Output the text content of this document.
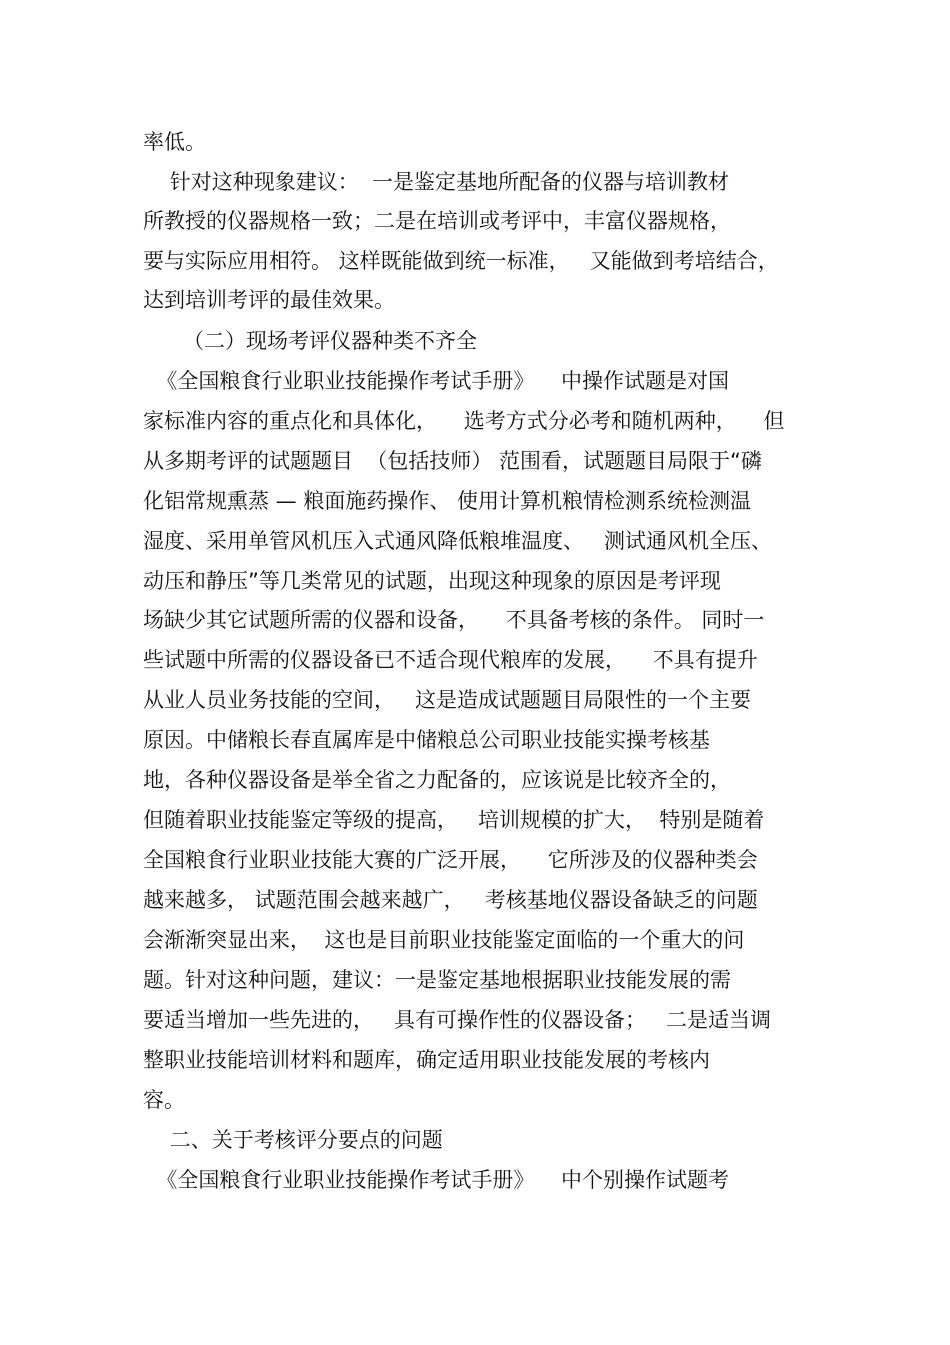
率低。
针对这种现象建议：  一是鉴定基地所配备的仪器与培训教材
所教授的仪器规格一致；二是在培训或考评中，丰富仪器规格，
要与实际应用相符。 这样既能做到统一标准，   又能做到考培结合，
达到培训考评的最佳效果。
（二）现场考评仪器种类不齐全
《全国粮食行业职业技能操作考试手册》    中操作试题是对国
家标准内容的重点化和具体化，    选考方式分必考和随机两种，    但
从多期考评的试题题目  （包括技师） 范围看，试题题目局限于“磷
化铝常规熏蒸 — 粮面施药操作、 使用计算机粮情检测系统检测温
湿度、采用单管风机压入式通风降低粮堆温度、   测试通风机全压、
动压和静压”等几类常见的试题，出现这种现象的原因是考评现
场缺少其它试题所需的仪器和设备，    不具备考核的条件。 同时一
些试题中所需的仪器设备已不适合现代粮库的发展，    不具有提升
从业人员业务技能的空间，   这是造成试题题目局限性的一个主要
原因。中储粮长春直属库是中储粮总公司职业技能实操考核基
地，各种仪器设备是举全省之力配备的，应该说是比较齐全的，
但随着职业技能鉴定等级的提高，   培训规模的扩大，  特别是随着
全国粮食行业职业技能大赛的广泛开展，    它所涉及的仪器种类会
越来越多， 试题范围会越来越广，   考核基地仪器设备缺乏的问题
会渐渐突显出来，  这也是目前职业技能鉴定面临的一个重大的问
题。针对这种问题，建议：一是鉴定基地根据职业技能发展的需
要适当增加一些先进的，   具有可操作性的仪器设备；   二是适当调
整职业技能培训材料和题库，确定适用职业技能发展的考核内
容。
二、关于考核评分要点的问题
《全国粮食行业职业技能操作考试手册》    中个别操作试题考
